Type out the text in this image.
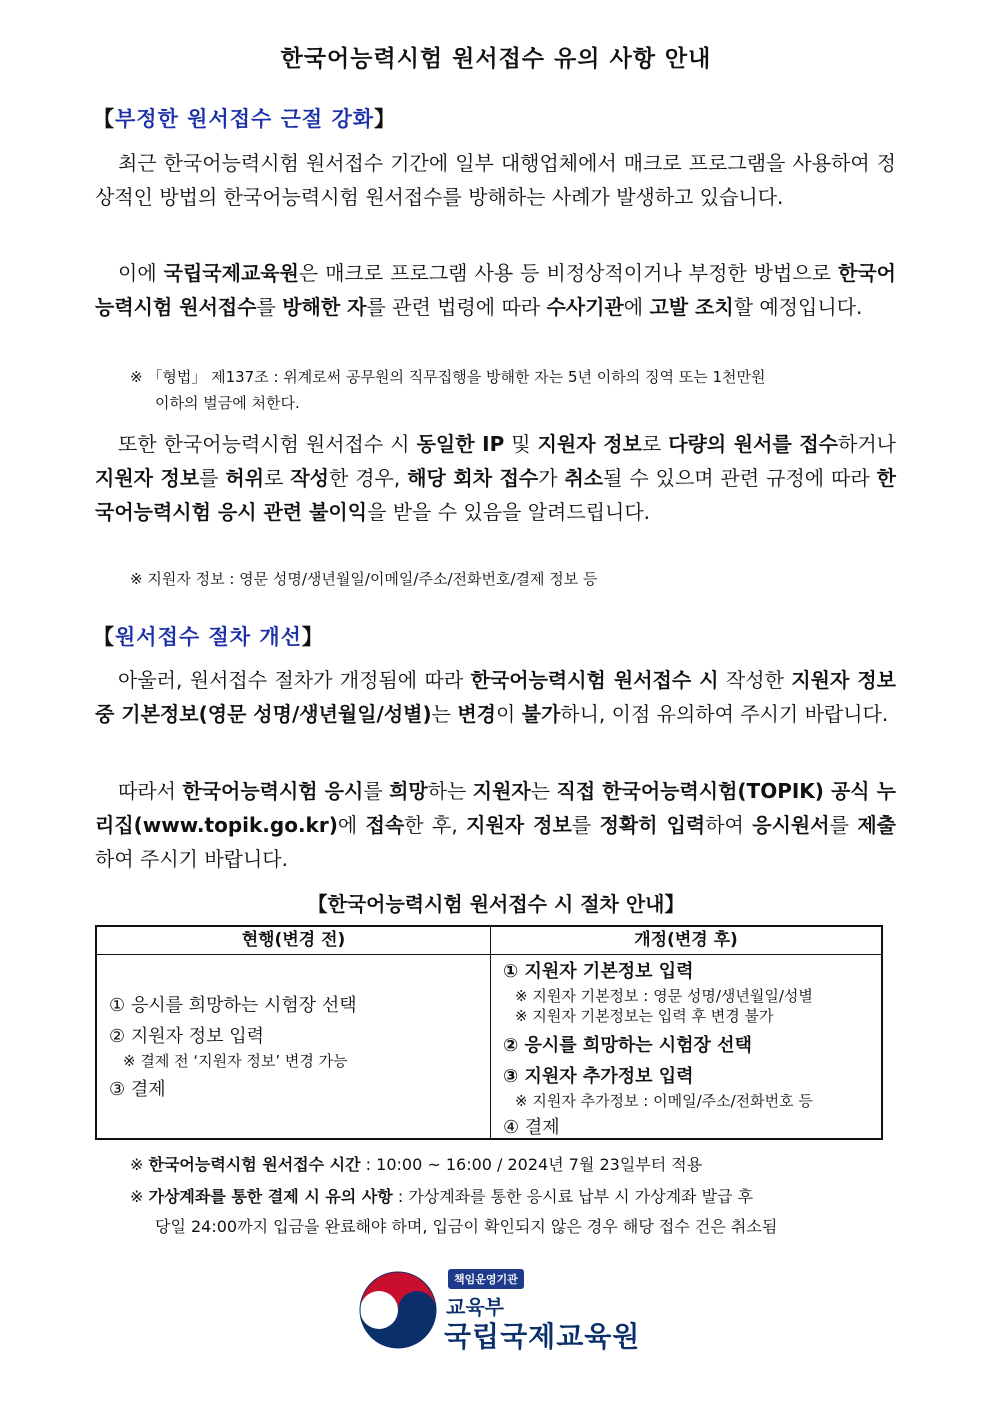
한국어능력시험 원서접수 유의 사항 안내
【부정한 원서접수 근절 강화】
최근 한국어능력시험 원서접수 기간에 일부 대행업체에서 매크로 프로그램을 사용하여 정상적인 방법의 한국어능력시험 원서접수를 방해하는 사례가 발생하고 있습니다.
이에 국립국제교육원은 매크로 프로그램 사용 등 비정상적이거나 부정한 방법으로 한국어능력시험 원서접수를 방해한 자를 관련 법령에 따라 수사기관에 고발 조치할 예정입니다.
※ 「형법」 제137조 : 위계로써 공무원의 직무집행을 방해한 자는 5년 이하의 징역 또는 1천만원
이하의 벌금에 처한다.
또한 한국어능력시험 원서접수 시 동일한 IP 및 지원자 정보로 다량의 원서를 접수하거나 지원자 정보를 허위로 작성한 경우, 해당 회차 접수가 취소될 수 있으며 관련 규정에 따라 한국어능력시험 응시 관련 불이익을 받을 수 있음을 알려드립니다.
※ 지원자 정보 : 영문 성명/생년월일/이메일/주소/전화번호/결제 정보 등
【원서접수 절차 개선】
아울러, 원서접수 절차가 개정됨에 따라 한국어능력시험 원서접수 시 작성한 지원자 정보 중 기본정보(영문 성명/생년월일/성별)는 변경이 불가하니, 이점 유의하여 주시기 바랍니다.
따라서 한국어능력시험 응시를 희망하는 지원자는 직접 한국어능력시험(TOPIK) 공식 누리집(www.topik.go.kr)에 접속한 후, 지원자 정보를 정확히 입력하여 응시원서를 제출하여 주시기 바랍니다.
【한국어능력시험 원서접수 시 절차 안내】
현행(변경 전)	개정(변경 후)
① 응시를 희망하는 시험장 선택
② 지원자 정보 입력
※ 결제 전 ‘지원자 정보’ 변경 가능
③ 결제
① 지원자 기본정보 입력
※ 지원자 기본정보 : 영문 성명/생년월일/성별
※ 지원자 기본정보는 입력 후 변경 불가
② 응시를 희망하는 시험장 선택
③ 지원자 추가정보 입력
※ 지원자 추가정보 : 이메일/주소/전화번호 등
④ 결제
※ 한국어능력시험 원서접수 시간 : 10:00 ~ 16:00 / 2024년 7월 23일부터 적용
※ 가상계좌를 통한 결제 시 유의 사항 : 가상계좌를 통한 응시료 납부 시 가상계좌 발급 후
당일 24:00까지 입금을 완료해야 하며, 입금이 확인되지 않은 경우 해당 접수 건은 취소됨
책임운영기관
교육부
국립국제교육원
